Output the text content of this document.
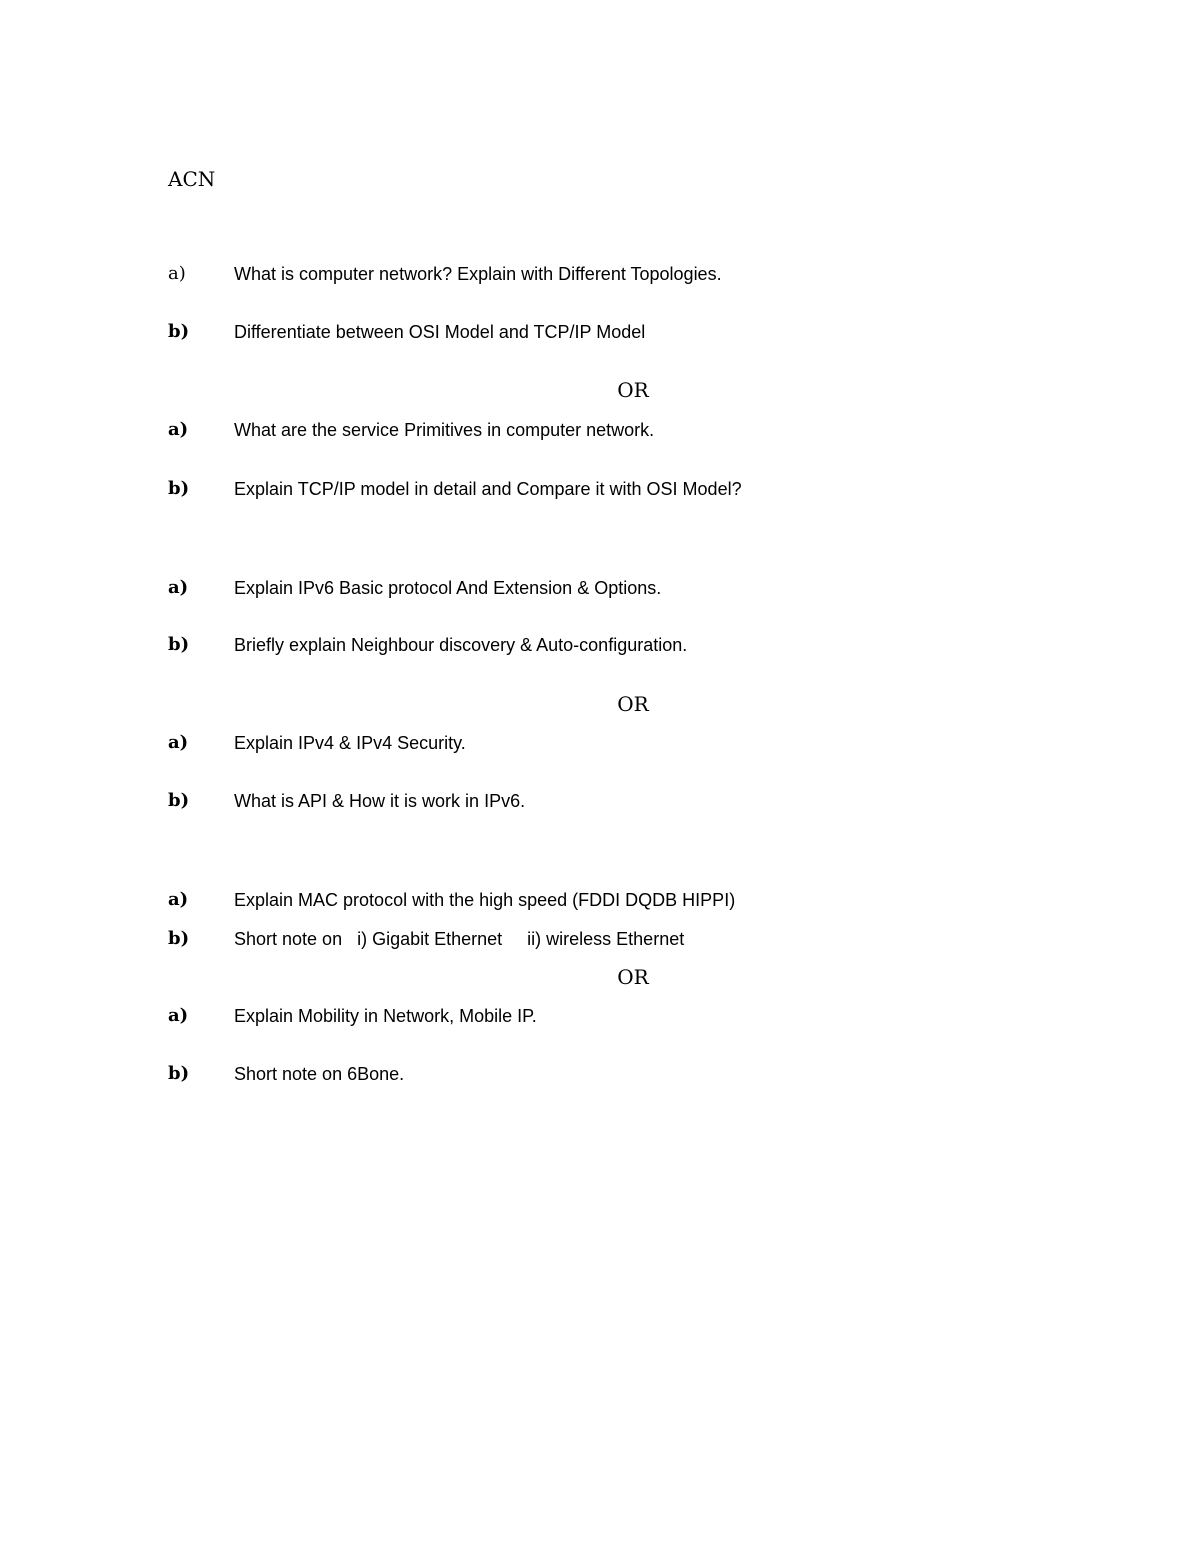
ACN
a)	What is computer network? Explain with Different Topologies.
b) Differentiate between OSI Model and TCP/IP Model
OR
a)	What are the service Primitives in computer network.
b) Explain TCP/IP model in detail and Compare it with OSI Model?
a)	Explain IPv6 Basic protocol And Extension & Options.
b) Briefly explain Neighbour discovery & Auto-configuration.
OR
a)	Explain IPv4 & IPv4 Security.
b) What is API & How it is work in IPv6.
a)	Explain MAC protocol with the high speed (FDDI DQDB HIPPI)
b) Short note on   i) Gigabit Ethernet     ii) wireless Ethernet
OR
a)	Explain Mobility in Network, Mobile IP.
b) Short note on 6Bone.
